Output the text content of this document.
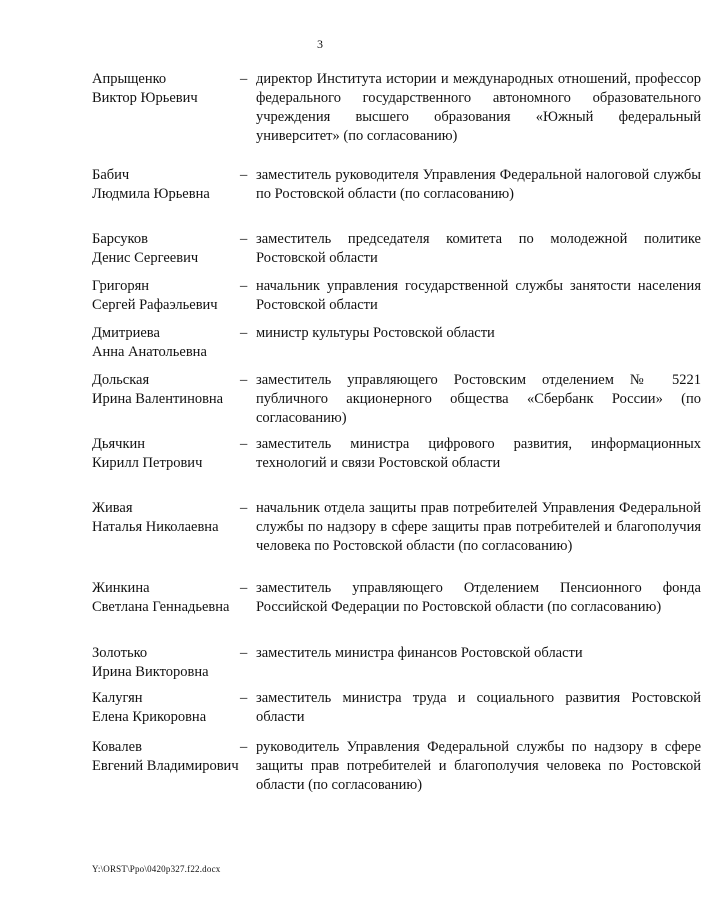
3
Апрыщенко
Виктор Юрьевич
– директор Института истории и международных отношений, профессор федерального государственного автономного образовательного учреждения высшего образования «Южный федеральный университет» (по согласованию)
Бабич
Людмила Юрьевна
– заместитель руководителя Управления Федеральной налоговой службы по Ростовской области (по согласованию)
Барсуков
Денис Сергеевич
– заместитель председателя комитета по молодежной политике Ростовской области
Григорян
Сергей Рафаэльевич
– начальник управления государственной службы занятости населения Ростовской области
Дмитриева
Анна Анатольевна
– министр культуры Ростовской области
Дольская
Ирина Валентиновна
– заместитель управляющего Ростовским отделением № 5221 публичного акционерного общества «Сбербанк России» (по согласованию)
Дьячкин
Кирилл Петрович
– заместитель министра цифрового развития, информационных технологий и связи Ростовской области
Живая
Наталья Николаевна
– начальник отдела защиты прав потребителей Управления Федеральной службы по надзору в сфере защиты прав потребителей и благополучия человека по Ростовской области (по согласованию)
Жинкина
Светлана Геннадьевна
– заместитель управляющего Отделением Пенсионного фонда Российской Федерации по Ростовской области (по согласованию)
Золотько
Ирина Викторовна
– заместитель министра финансов Ростовской области
Калугян
Елена Крикоровна
– заместитель министра труда и социального развития Ростовской области
Ковалев
Евгений Владимирович
– руководитель Управления Федеральной службы по надзору в сфере защиты прав потребителей и благополучия человека по Ростовской области (по согласованию)
Y:\ORST\Ppo\0420p327.f22.docx
